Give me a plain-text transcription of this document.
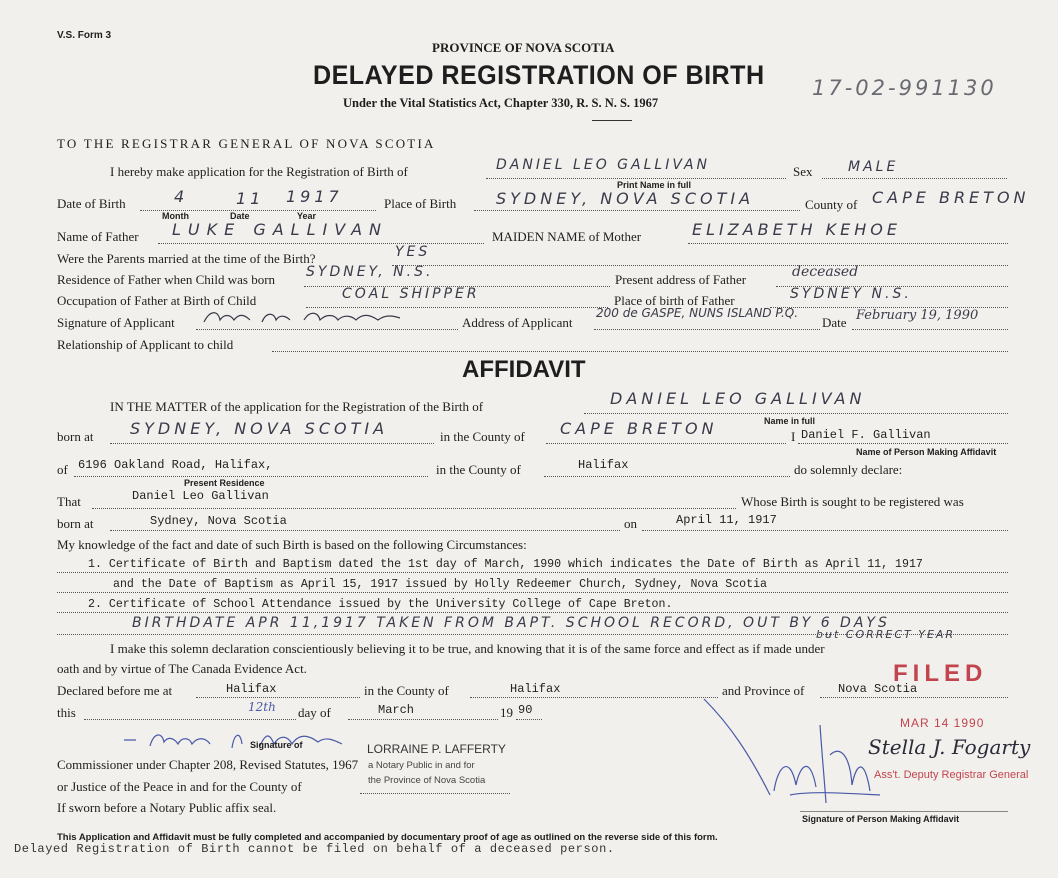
V.S. Form 3
PROVINCE OF NOVA SCOTIA
DELAYED REGISTRATION OF BIRTH
Under the Vital Statistics Act, Chapter 330, R. S. N. S. 1967
17-02-991130
TO THE REGISTRAR GENERAL OF NOVA SCOTIA
I hereby make application for the Registration of Birth of	DANIEL LEO GALLIVAN	Sex	MALE
Print Name in full
Date of Birth	4	11 1917	Place of Birth SYDNEY, NOVA SCOTIA	County of CAPE BRETON
Month	Date	Year
Name of Father LUKE GALLIVAN	MAIDEN NAME of Mother	ELIZABETH KEHOE
Were the Parents married at the time of the Birth?	YES
Residence of Father when Child was born SYDNEY, N.S.	Present address of Father	deceased
Occupation of Father at Birth of Child	COAL SHIPPER	Place of birth of Father	SYDNEY N.S.
Signature of Applicant	Address of Applicant
200 de GASPE, NUNS ISLAND P.Q.
Date February 19, 1990
Relationship of Applicant to child
AFFIDAVIT
IN THE MATTER of the application for the Registration of the Birth of	DANIEL LEO GALLIVAN
Name in full
born at SYDNEY, NOVA SCOTIA	in the County of CAPE BRETON	I Daniel F. Gallivan
Name of Person Making Affidavit
of 6196 Oakland Road, Halifax,
Present Residence
in the County of	Halifax	do solemnly declare:
That	Daniel Leo Gallivan	Whose Birth is sought to be registered was
born at	Sydney, Nova Scotia	on	April 11, 1917
My knowledge of the fact and date of such Birth is based on the following Circumstances:
1. Certificate of Birth and Baptism dated the 1st day of March, 1990 which indicates the Date of Birth as April 11, 1917
and the Date of Baptism as April 15, 1917 issued by Holly Redeemer Church, Sydney, Nova Scotia
2. Certificate of School Attendance issued by the University College of Cape Breton.
BIRTHDATE APR 11,1917 TAKEN FROM BAPT. SCHOOL RECORD, OUT BY 6 DAYS
but CORRECT YEAR
I make this solemn declaration conscientiously believing it to be true, and knowing that it is of the same force and effect as if made under
oath and by virtue of The Canada Evidence Act.
Declared before me at	Halifax	in the County of	Halifax	and Province of	Nova Scotia
this	12th day of	March	19 90
Signature of	LORRAINE P. LAFFERTY
Commissioner under Chapter 208, Revised Statutes, 1967 a Notary Public in and for
or Justice of the Peace in and for the County of	the Province of Nova Scotia
If sworn before a Notary Public affix seal.
FILED
MAR 14 1990
Stella J. Fogarty
Ass't. Deputy Registrar General
Signature of Person Making Affidavit
This Application and Affidavit must be fully completed and accompanied by documentary proof of age as outlined on the reverse side of this form.
Delayed Registration of Birth cannot be filed on behalf of a deceased person.
